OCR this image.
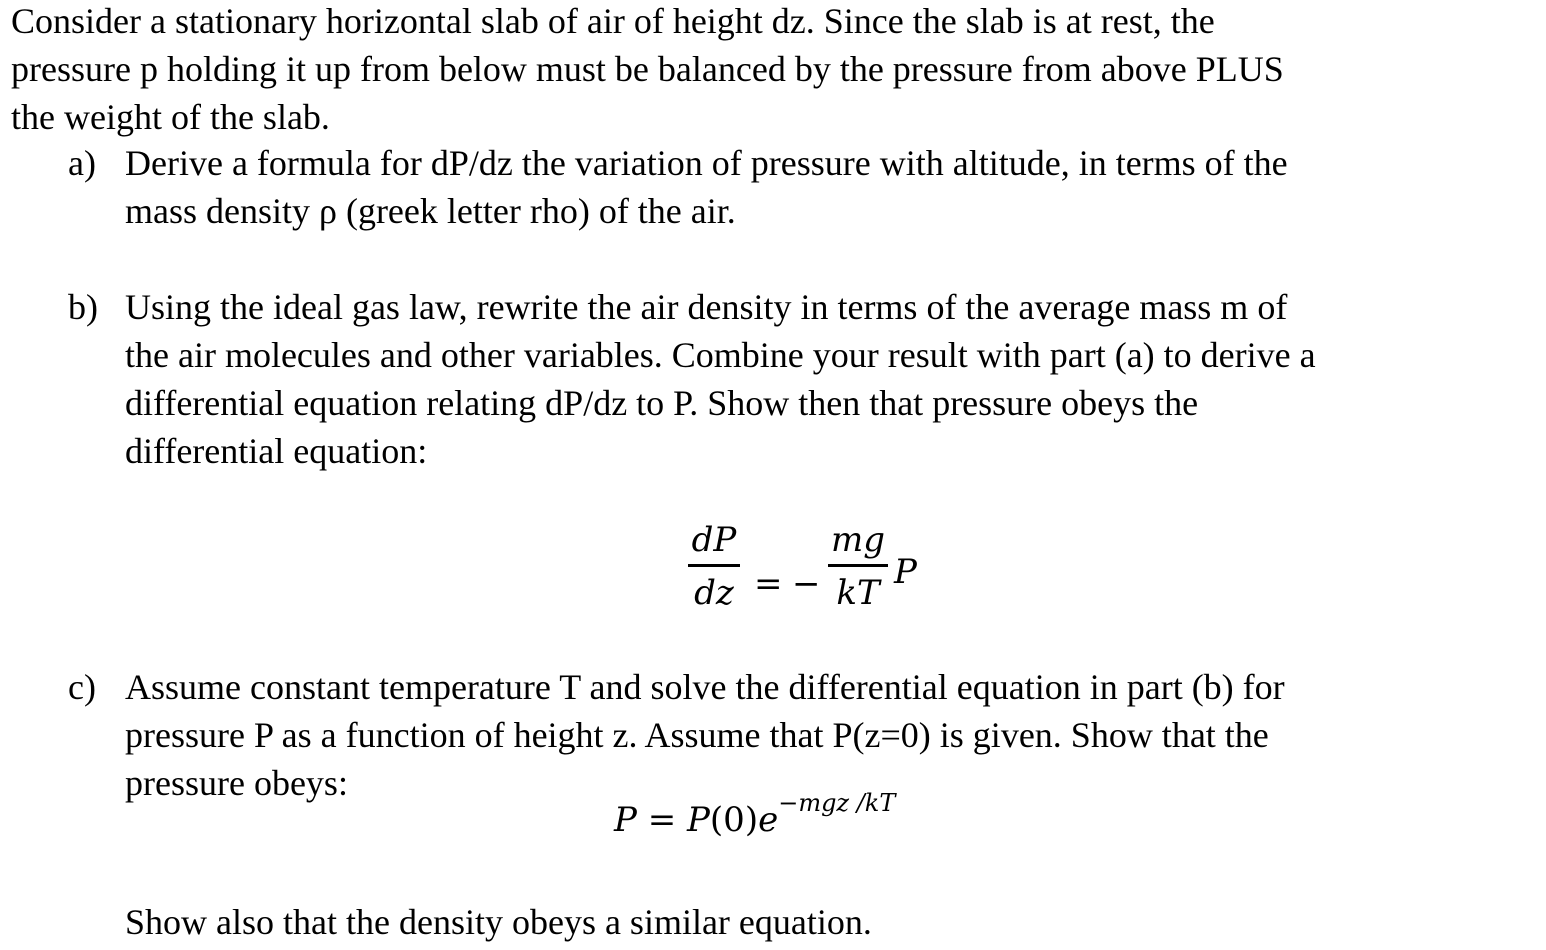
Consider a stationary horizontal slab of air of height dz. Since the slab is at rest, the
pressure p holding it up from below must be balanced by the pressure from above PLUS
the weight of the slab.
a) Derive a formula for dP/dz the variation of pressure with altitude, in terms of the
mass density ρ (greek letter rho) of the air.
b) Using the ideal gas law, rewrite the air density in terms of the average mass m of
the air molecules and other variables. Combine your result with part (a) to derive a
differential equation relating dP/dz to P. Show then that pressure obeys the
differential equation:
dP
dz = −
mg
kT
P
c) Assume constant temperature T and solve the differential equation in part (b) for
pressure P as a function of height z. Assume that P(z=0) is given. Show that the
pressure obeys:
$P = P(0)e^{-mgz /kT}$
Show also that the density obeys a similar equation.
